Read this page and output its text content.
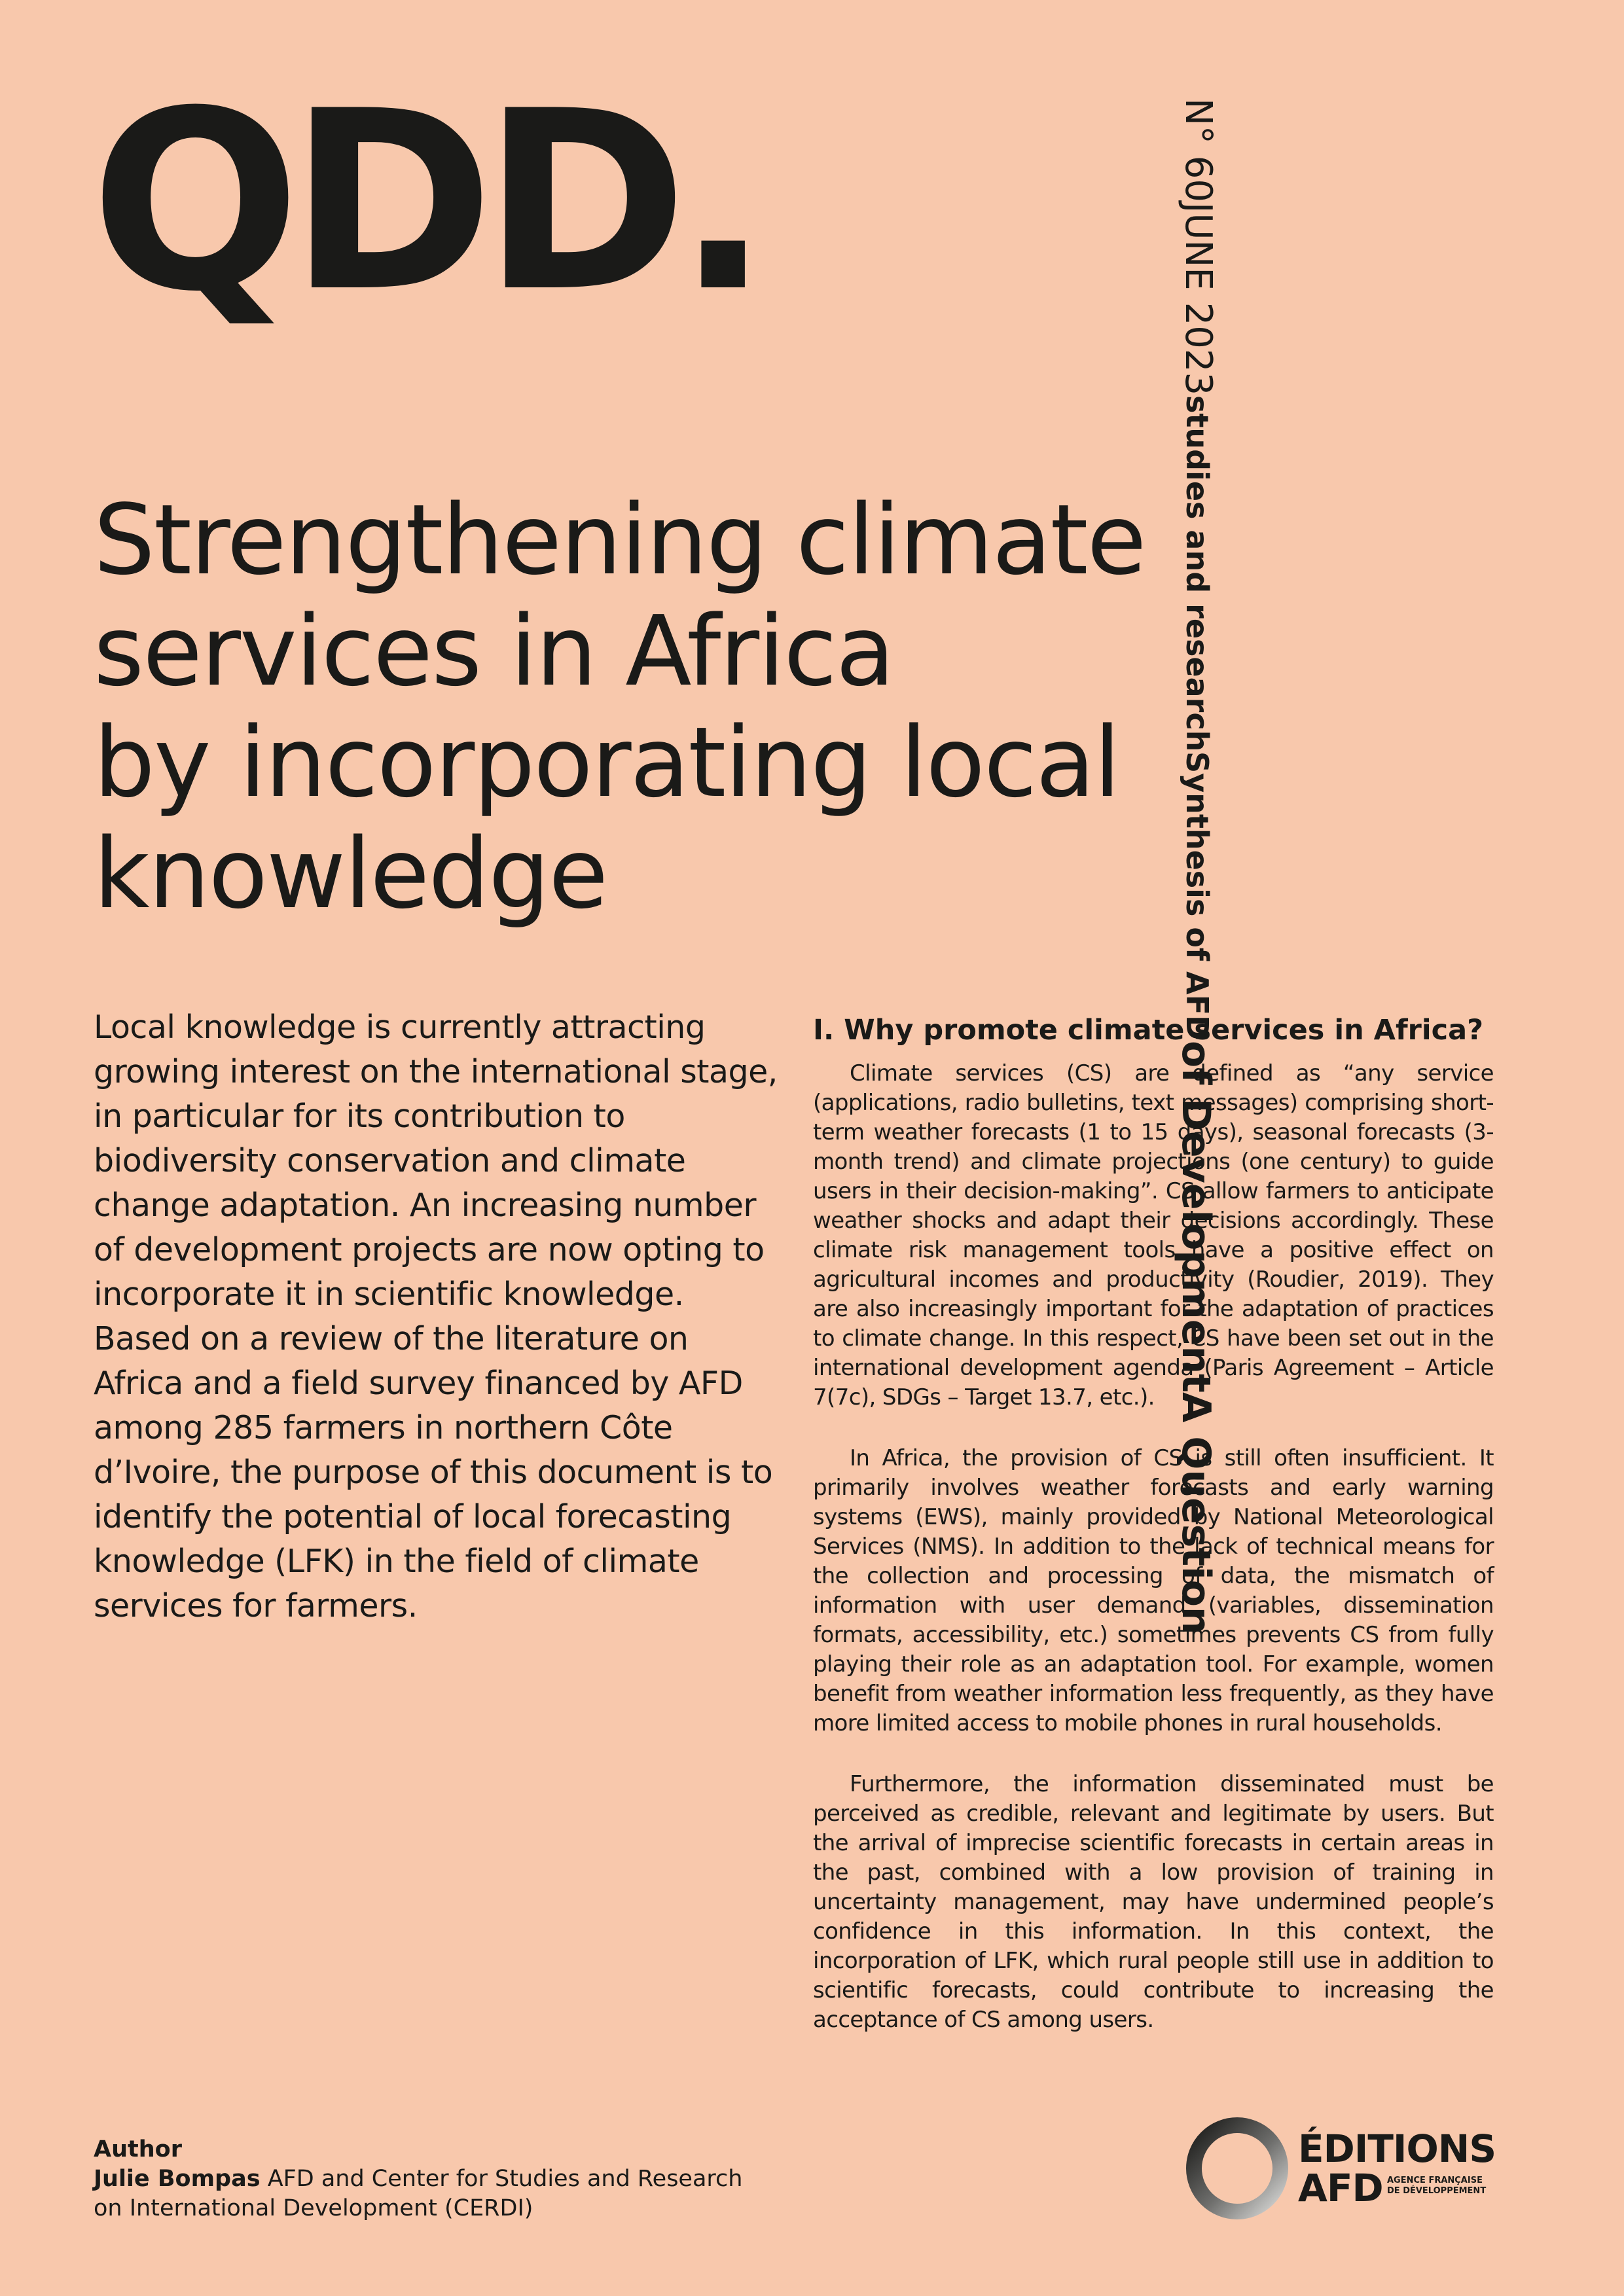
QDD.
A Question
of Development
Synthesis of AFD
studies and research
JUNE 2023
N° 60
Strengthening climate
services in Africa
by incorporating local
knowledge

Local knowledge is currently attracting growing interest on the international stage, in particular for its contribution to biodiversity conservation and climate change adaptation. An increasing number of development projects are now opting to incorporate it in scientific knowledge. Based on a review of the literature on Africa and a field survey financed by AFD among 285 farmers in northern Côte d’Ivoire, the purpose of this document is to identify the potential of local forecasting knowledge (LFK) in the field of climate services for farmers.

I. Why promote climate services in Africa?

Climate services (CS) are defined as “any service (applications, radio bulletins, text messages) comprising short-term weather forecasts (1 to 15 days), seasonal forecasts (3-month trend) and climate projections (one century) to guide users in their decision-making”. CS allow farmers to anticipate weather shocks and adapt their decisions accordingly. These climate risk management tools have a positive effect on agricultural incomes and productivity (Roudier, 2019). They are also increasingly important for the adaptation of practices to climate change. In this respect, CS have been set out in the international development agenda (Paris Agreement – Article 7(7c), SDGs – Target 13.7, etc.).

In Africa, the provision of CS is still often insufficient. It primarily involves weather forecasts and early warning systems (EWS), mainly provided by National Meteorological Services (NMS). In addition to the lack of technical means for the collection and processing of data, the mismatch of information with user demand (variables, dissemination formats, accessibility, etc.) sometimes prevents CS from fully playing their role as an adaptation tool. For example, women benefit from weather information less frequently, as they have more limited access to mobile phones in rural households.

Furthermore, the information disseminated must be perceived as credible, relevant and legitimate by users. But the arrival of imprecise scientific forecasts in certain areas in the past, combined with a low provision of training in uncertainty management, may have undermined people’s confidence in this information. In this context, the incorporation of LFK, which rural people still use in addition to scientific forecasts, could contribute to increasing the acceptance of CS among users.

Author
Julie Bompas AFD and Center for Studies and Research
on International Development (CERDI)
ÉDITIONS
AFD AGENCE FRANÇAISE
DE DÉVELOPPEMENT
